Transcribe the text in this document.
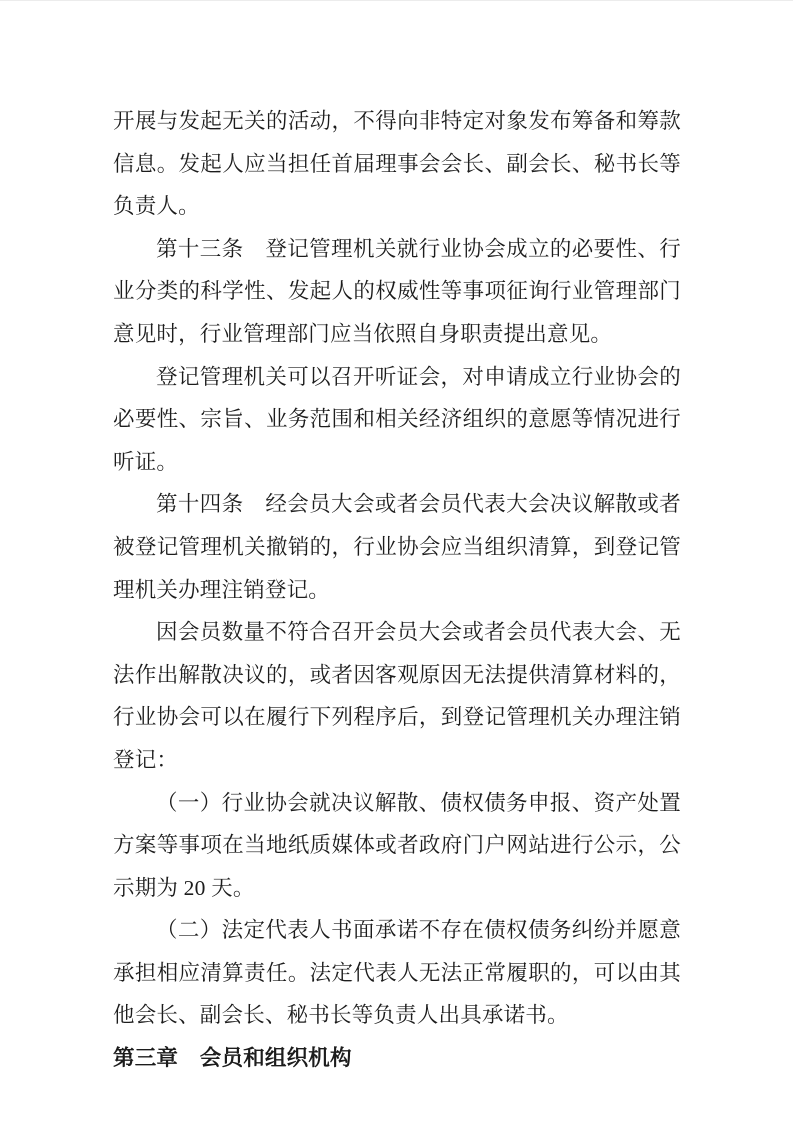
开展与发起无关的活动，不得向非特定对象发布筹备和筹款信息。发起人应当担任首届理事会会长、副会长、秘书长等负责人。

第十三条　登记管理机关就行业协会成立的必要性、行业分类的科学性、发起人的权威性等事项征询行业管理部门意见时，行业管理部门应当依照自身职责提出意见。

登记管理机关可以召开听证会，对申请成立行业协会的必要性、宗旨、业务范围和相关经济组织的意愿等情况进行听证。

第十四条　经会员大会或者会员代表大会决议解散或者被登记管理机关撤销的，行业协会应当组织清算，到登记管理机关办理注销登记。

因会员数量不符合召开会员大会或者会员代表大会、无法作出解散决议的，或者因客观原因无法提供清算材料的，行业协会可以在履行下列程序后，到登记管理机关办理注销登记：

（一）行业协会就决议解散、债权债务申报、资产处置方案等事项在当地纸质媒体或者政府门户网站进行公示，公示期为 20 天。

（二）法定代表人书面承诺不存在债权债务纠纷并愿意承担相应清算责任。法定代表人无法正常履职的，可以由其他会长、副会长、秘书长等负责人出具承诺书。

第三章　会员和组织机构
